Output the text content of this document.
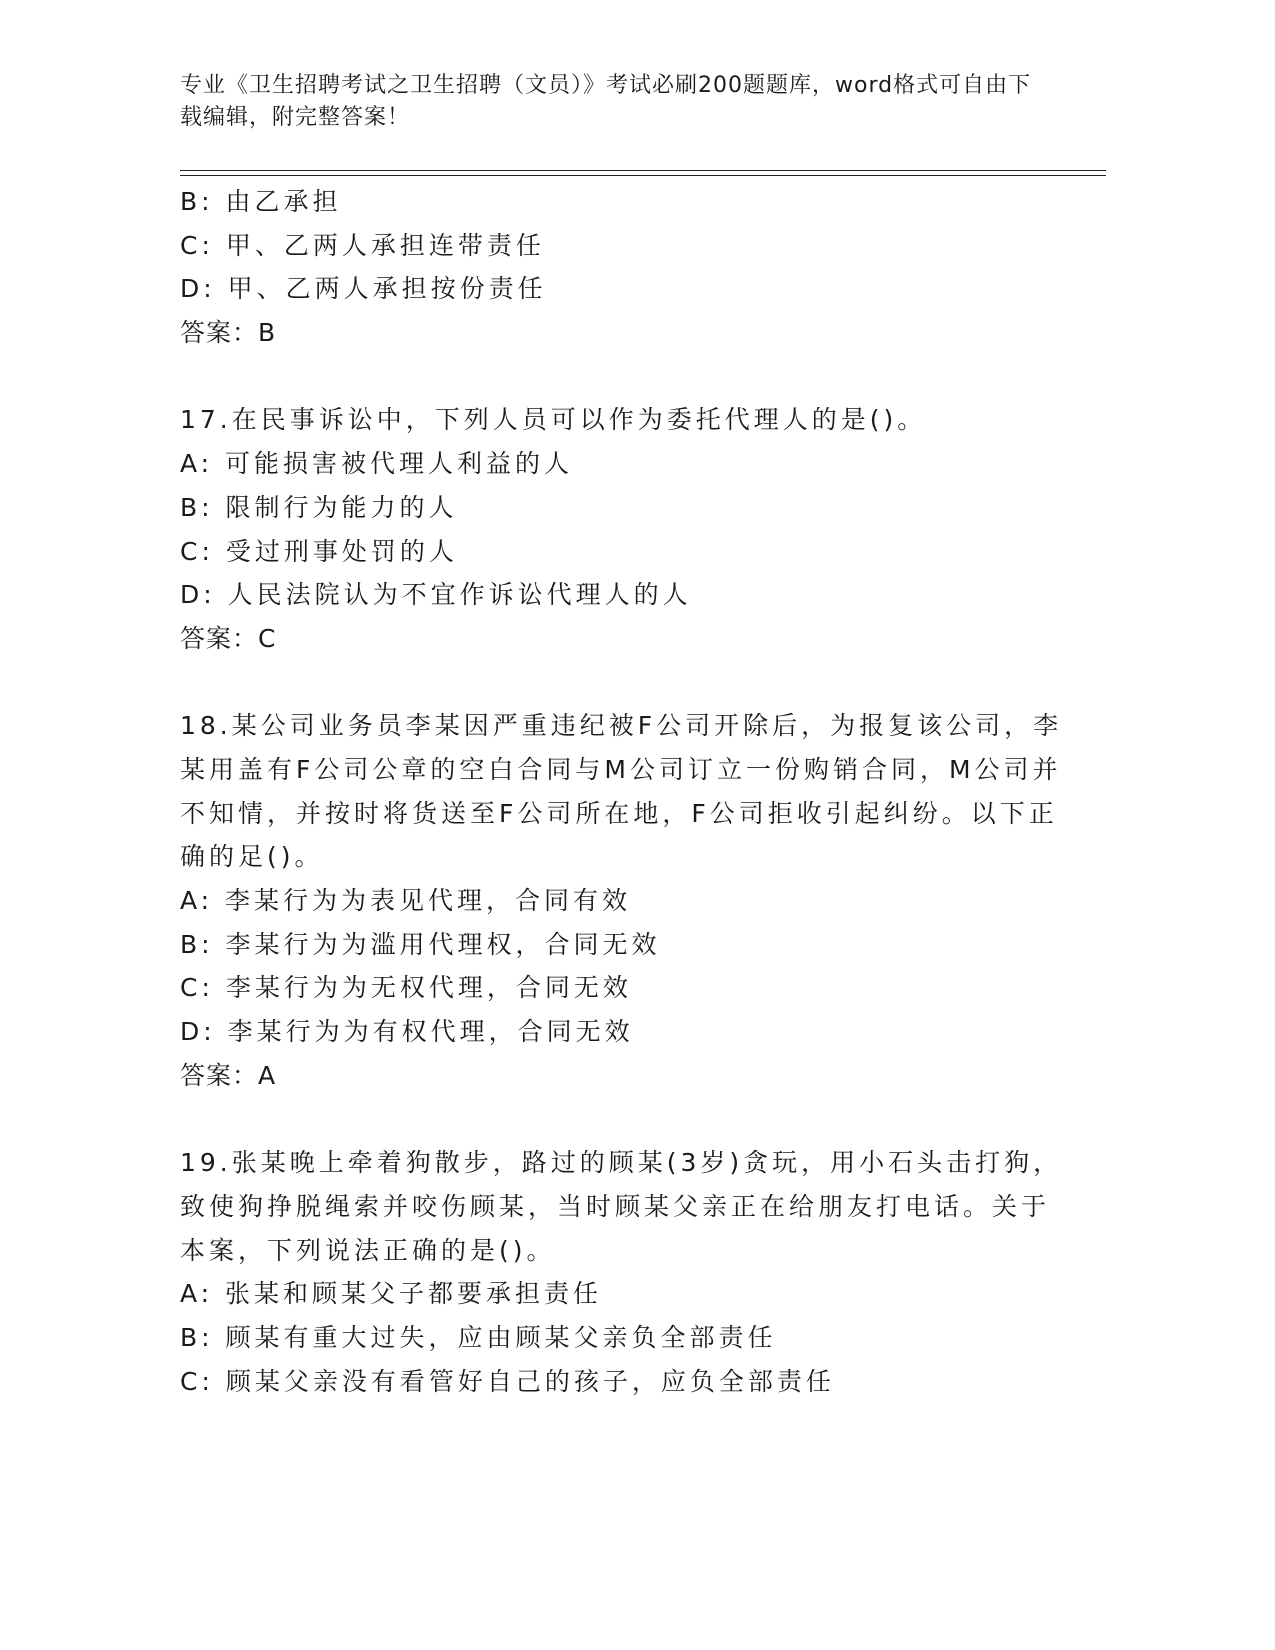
专业《卫生招聘考试之卫生招聘（文员）》考试必刷200题题库，word格式可自由下载编辑，附完整答案！
B: 由乙承担
C: 甲、乙两人承担连带责任
D: 甲、乙两人承担按份责任
答案：B
17.在民事诉讼中，下列人员可以作为委托代理人的是()。
A: 可能损害被代理人利益的人
B: 限制行为能力的人
C: 受过刑事处罚的人
D: 人民法院认为不宜作诉讼代理人的人
答案：C
18.某公司业务员李某因严重违纪被F公司开除后，为报复该公司，李
某用盖有F公司公章的空白合同与M公司订立一份购销合同，M公司并
不知情，并按时将货送至F公司所在地，F公司拒收引起纠纷。以下正
确的足()。
A: 李某行为为表见代理，合同有效
B: 李某行为为滥用代理权，合同无效
C: 李某行为为无权代理，合同无效
D: 李某行为为有权代理，合同无效
答案：A
19.张某晚上牵着狗散步，路过的顾某(3岁)贪玩，用小石头击打狗，
致使狗挣脱绳索并咬伤顾某，当时顾某父亲正在给朋友打电话。关于
本案，下列说法正确的是()。
A: 张某和顾某父子都要承担责任
B: 顾某有重大过失，应由顾某父亲负全部责任
C: 顾某父亲没有看管好自己的孩子，应负全部责任
